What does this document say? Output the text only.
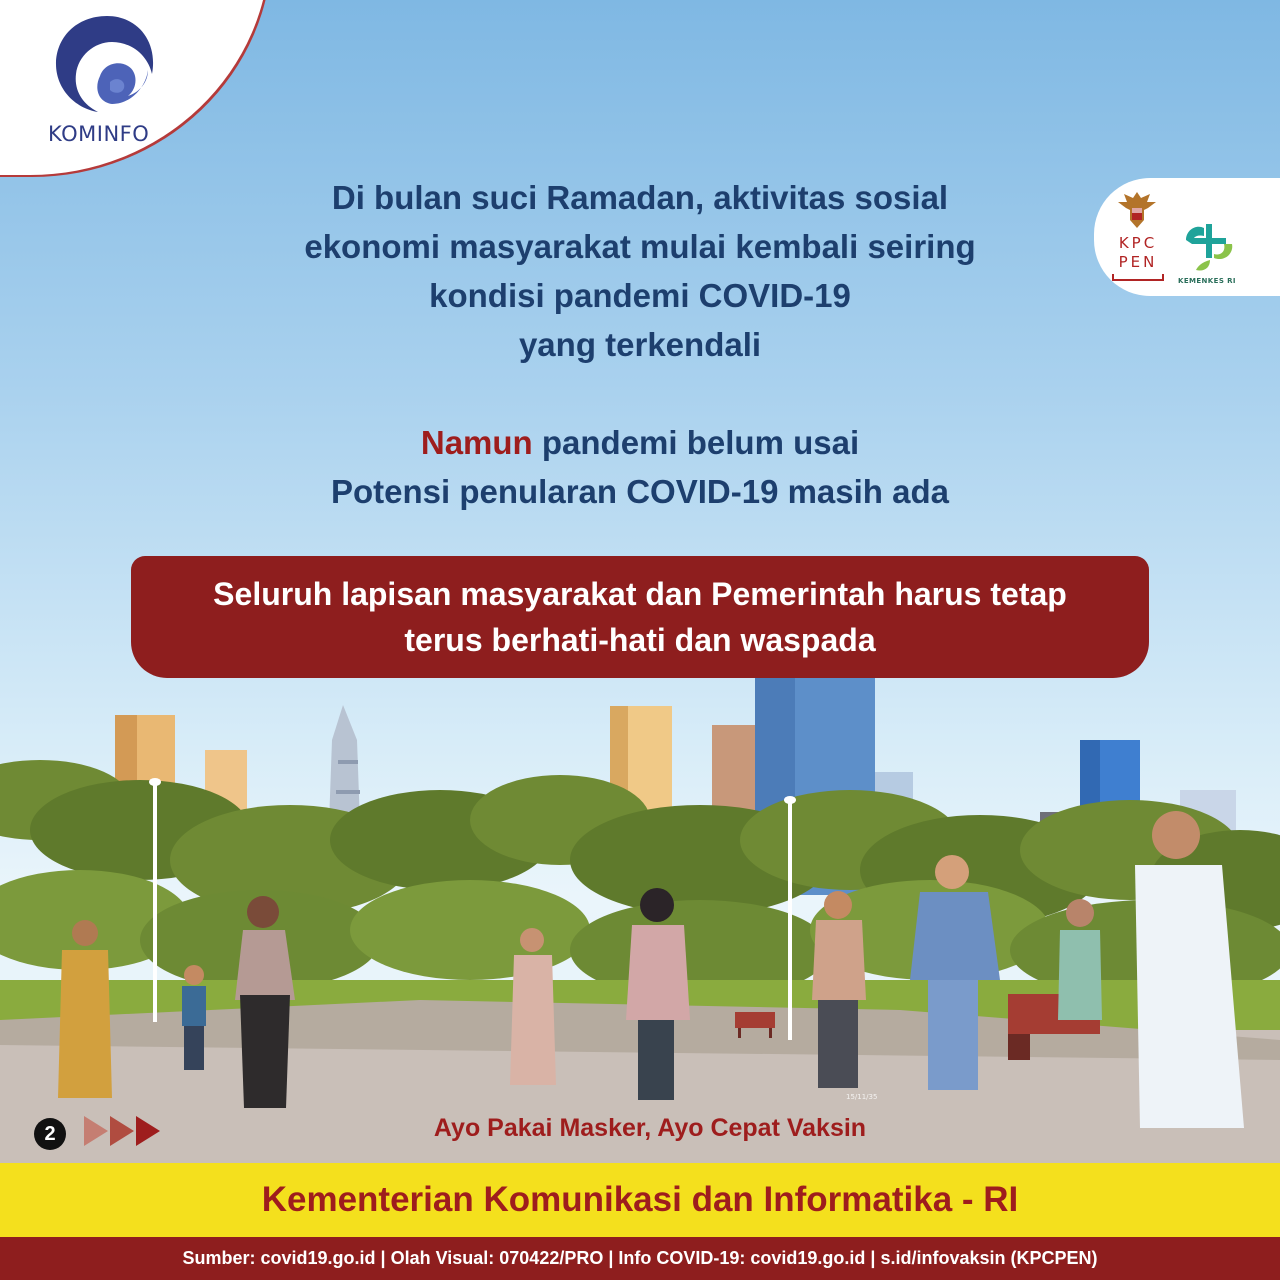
KOMINFO
KPC
PEN
KEMENKES RI
Di bulan suci Ramadan, aktivitas sosial
ekonomi masyarakat mulai kembali seiring
kondisi pandemi COVID-19
yang terkendali
Namun pandemi belum usai
Potensi penularan COVID-19 masih ada
Seluruh lapisan masyarakat dan Pemerintah harus tetap
terus berhati-hati dan waspada
2	Ayo Pakai Masker, Ayo Cepat Vaksin
15/11/35
Kementerian Komunikasi dan Informatika - RI
Sumber: covid19.go.id | Olah Visual: 070422/PRO | Info COVID-19: covid19.go.id | s.id/infovaksin (KPCPEN)
